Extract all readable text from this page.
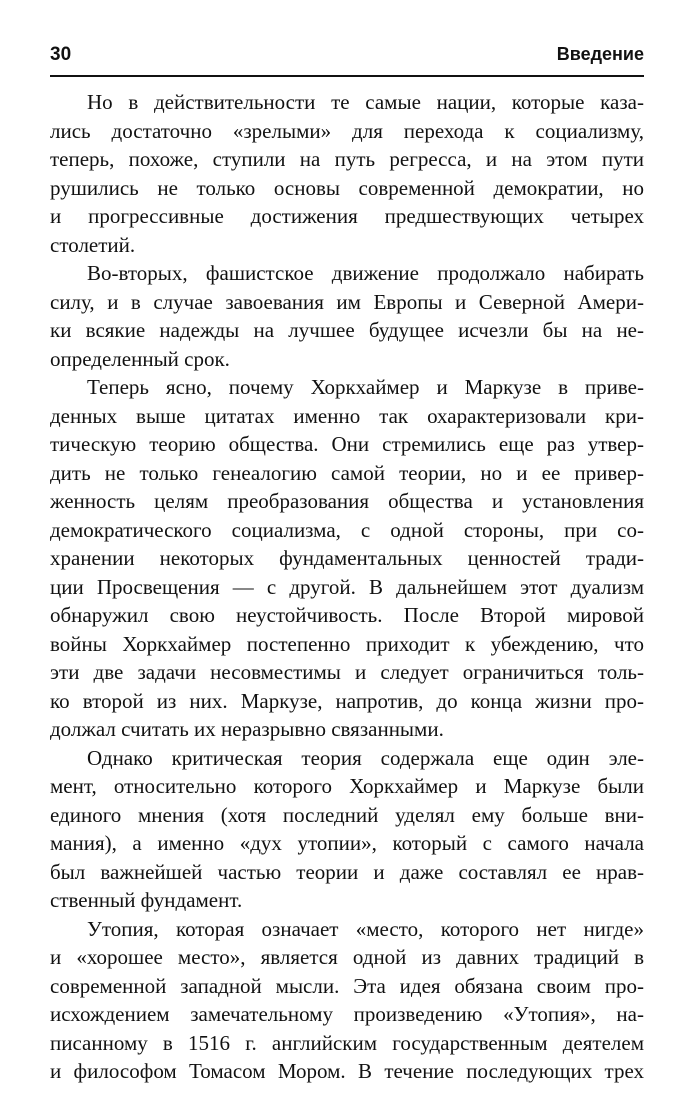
30	Введение
Но в действительности те самые нации, которые каза-
лись достаточно «зрелыми» для перехода к социализму,
теперь, похоже, ступили на путь регресса, и на этом пути
рушились не только основы современной демократии, но
и прогрессивные достижения предшествующих четырех
столетий.
Во-вторых, фашистское движение продолжало набирать
силу, и в случае завоевания им Европы и Северной Амери-
ки всякие надежды на лучшее будущее исчезли бы на не-
определенный срок.
Теперь ясно, почему Хоркхаймер и Маркузе в приве-
денных выше цитатах именно так охарактеризовали кри-
тическую теорию общества. Они стремились еще раз утвер-
дить не только генеалогию самой теории, но и ее привер-
женность целям преобразования общества и установления
демократического социализма, с одной стороны, при со-
хранении некоторых фундаментальных ценностей тради-
ции Просвещения — с другой. В дальнейшем этот дуализм
обнаружил свою неустойчивость. После Второй мировой
войны Хоркхаймер постепенно приходит к убеждению, что
эти две задачи несовместимы и следует ограничиться толь-
ко второй из них. Маркузе, напротив, до конца жизни про-
должал считать их неразрывно связанными.
Однако критическая теория содержала еще один эле-
мент, относительно которого Хоркхаймер и Маркузе были
единого мнения (хотя последний уделял ему больше вни-
мания), а именно «дух утопии», который с самого начала
был важнейшей частью теории и даже составлял ее нрав-
ственный фундамент.
Утопия, которая означает «место, которого нет нигде»
и «хорошее место», является одной из давних традиций в
современной западной мысли. Эта идея обязана своим про-
исхождением замечательному произведению «Утопия», на-
писанному в 1516 г. английским государственным деятелем
и философом Томасом Мором. В течение последующих трех
